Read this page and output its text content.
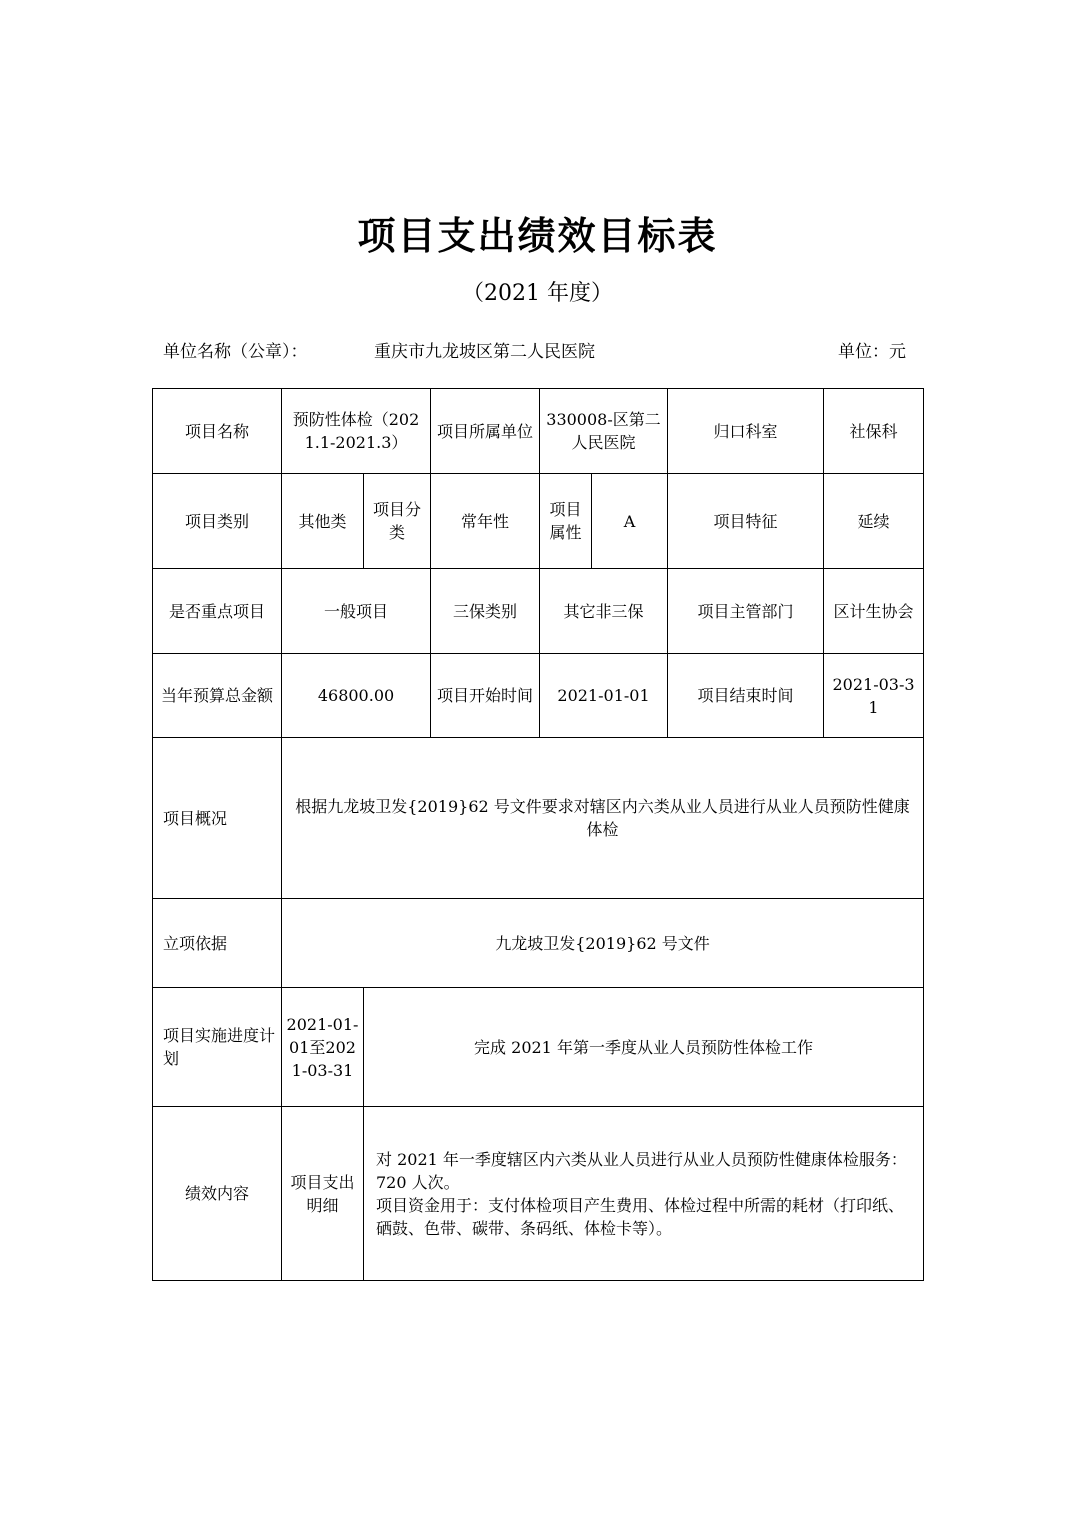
项目支出绩效目标表
（2021 年度）
单位名称（公章）：	重庆市九龙坡区第二人民医院	单位：元
项目名称	预防性体检（2021.1-2021.3）		项目所属单位	330008-区第二人民医院		归口科室	社保科
项目类别	其他类	项目分类	常年性	项目属性	A	项目特征	延续
是否重点项目	一般项目		三保类别	其它非三保		项目主管部门	区计生协会
当年预算总金额	46800.00		项目开始时间	2021-01-01		项目结束时间	2021-03-31
项目概况	根据九龙坡卫发{2019}62 号文件要求对辖区内六类从业人员进行从业人员预防性健康体检						
立项依据	九龙坡卫发{2019}62 号文件						
项目实施进度计划	2021-01-01至2021-03-31	完成 2021 年第一季度从业人员预防性体检工作					
绩效内容	项目支出明细	对 2021 年一季度辖区内六类从业人员进行从业人员预防性健康体检服务：720 人次。
项目资金用于：支付体检项目产生费用、体检过程中所需的耗材（打印纸、硒鼓、色带、碳带、条码纸、体检卡等）。					
